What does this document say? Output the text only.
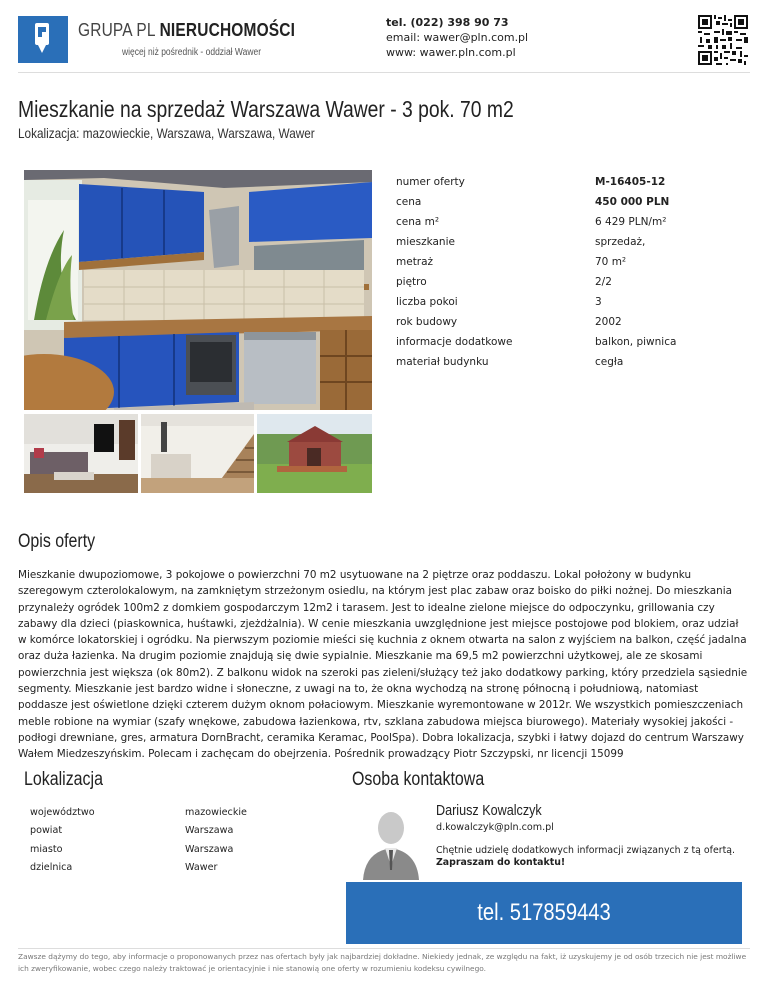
GRUPA PL NIERUCHOMOŚCI
więcej niż pośrednik - oddział Wawer
tel. (022) 398 90 73
email: wawer@pln.com.pl
www: wawer.pln.com.pl
Mieszkanie na sprzedaż Warszawa Wawer - 3 pok. 70 m2
Lokalizacja: mazowieckie, Warszawa, Warszawa, Wawer
numer oferty	M-16405-12
cena	450 000 PLN
cena m²	6 429 PLN/m²
mieszkanie	sprzedaż,
metraż	70 m²
piętro	2/2
liczba pokoi	3
rok budowy	2002
informacje dodatkowe	balkon, piwnica
materiał budynku	cegła
Opis oferty

Mieszkanie dwupoziomowe, 3 pokojowe o powierzchni 70 m2 usytuowane na 2 piętrze oraz poddaszu. Lokal położony w budynku szeregowym czterolokalowym, na zamkniętym strzeżonym osiedlu, na którym jest plac zabaw oraz boisko do piłki nożnej. Do mieszkania przynależy ogródek 100m2 z domkiem gospodarczym 12m2 i tarasem. Jest to idealne zielone miejsce do odpoczynku, grillowania czy zabawy dla dzieci (piaskownica, huśtawki, zjeżdżalnia). W cenie mieszkania uwzględnione jest miejsce postojowe pod blokiem, oraz udział w komórce lokatorskiej i ogródku. Na pierwszym poziomie mieści się kuchnia z oknem otwarta na salon z wyjściem na balkon, część jadalna oraz duża łazienka. Na drugim poziomie znajdują się dwie sypialnie. Mieszkanie ma 69,5 m2 powierzchni użytkowej, ale ze skosami powierzchnia jest większa (ok 80m2). Z balkonu widok na szeroki pas zieleni/służący też jako dodatkowy parking, który przedziela sąsiednie segmenty. Mieszkanie jest bardzo widne i słoneczne, z uwagi na to, że okna wychodzą na stronę północną i południową, natomiast poddasze jest oświetlone dzięki czterem dużym oknom połaciowym. Mieszkanie wyremontowane w 2012r. We wszystkich pomieszczeniach meble robione na wymiar (szafy wnękowe, zabudowa łazienkowa, rtv, szklana zabudowa miejsca biurowego). Materiały wysokiej jakości - podłogi drewniane, gres, armatura DornBracht, ceramika Keramac, PoolSpa). Dobra lokalizacja, szybki i łatwy dojazd do centrum Warszawy Wałem Miedzeszyńskim. Polecam i zachęcam do obejrzenia. Pośrednik prowadzący Piotr Szczypski, nr licencji 15099

Lokalizacja
województwo	mazowieckie
powiat	Warszawa
miasto	Warszawa
dzielnica	Wawer
Osoba kontaktowa
Dariusz Kowalczyk
d.kowalczyk@pln.com.pl
Chętnie udzielę dodatkowych informacji związanych z tą ofertą.
Zapraszam do kontaktu!
tel. 517859443

Zawsze dążymy do tego, aby informacje o proponowanych przez nas ofertach były jak najbardziej dokładne. Niekiedy jednak, ze względu na fakt, iż uzyskujemy je od osób trzecich nie jest możliwe ich zweryfikowanie, wobec czego należy traktować je orientacyjnie i nie stanowią one oferty w rozumieniu kodeksu cywilnego.
